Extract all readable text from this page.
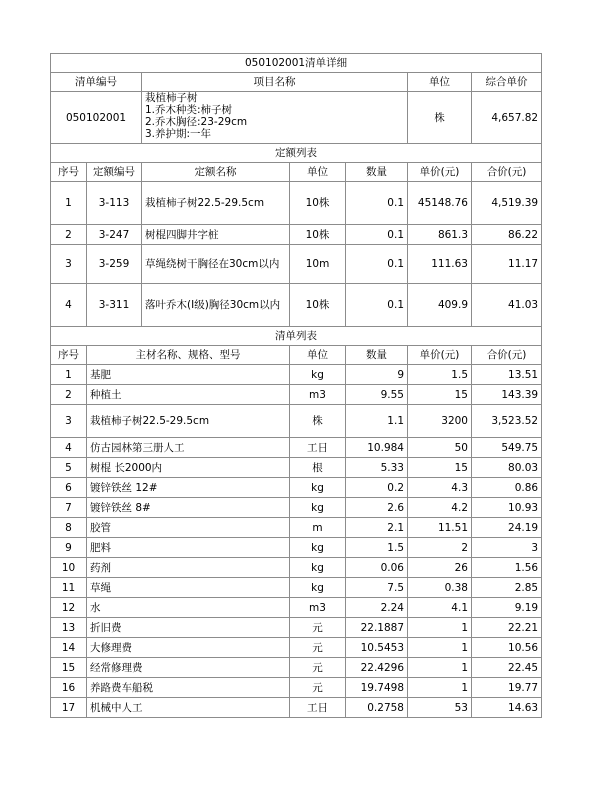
050102001清单详细						
清单编号		项目名称			单位	综合单价
050102001		栽植柿子树
1.乔木种类:柿子树
2.乔木胸径:23-29cm
3.养护期:一年			株	4,657.82
定额列表						
序号	定额编号	定额名称	单位	数量	单价(元)	合价(元)
1	3-113	栽植柿子树22.5-29.5cm	10株	0.1	45148.76	4,519.39
2	3-247	树棍四脚井字桩	10株	0.1	861.3	86.22
3	3-259	草绳绕树干胸径在30cm以内	10m	0.1	111.63	11.17
4	3-311	落叶乔木(I级)胸径30cm以内	10株	0.1	409.9	41.03
清单列表						
序号	主材名称、规格、型号		单位	数量	单价(元)	合价(元)
1	基肥		kg	9	1.5	13.51
2	种植土		m3	9.55	15	143.39
3	栽植柿子树22.5-29.5cm		株	1.1	3200	3,523.52
4	仿古园林第三册人工		工日	10.984	50	549.75
5	树棍 长2000内		根	5.33	15	80.03
6	镀锌铁丝 12#		kg	0.2	4.3	0.86
7	镀锌铁丝 8#		kg	2.6	4.2	10.93
8	胶管		m	2.1	11.51	24.19
9	肥料		kg	1.5	2	3
10	药剂		kg	0.06	26	1.56
11	草绳		kg	7.5	0.38	2.85
12	水		m3	2.24	4.1	9.19
13	折旧费		元	22.1887	1	22.21
14	大修理费		元	10.5453	1	10.56
15	经常修理费		元	22.4296	1	22.45
16	养路费车船税		元	19.7498	1	19.77
17	机械中人工		工日	0.2758	53	14.63
